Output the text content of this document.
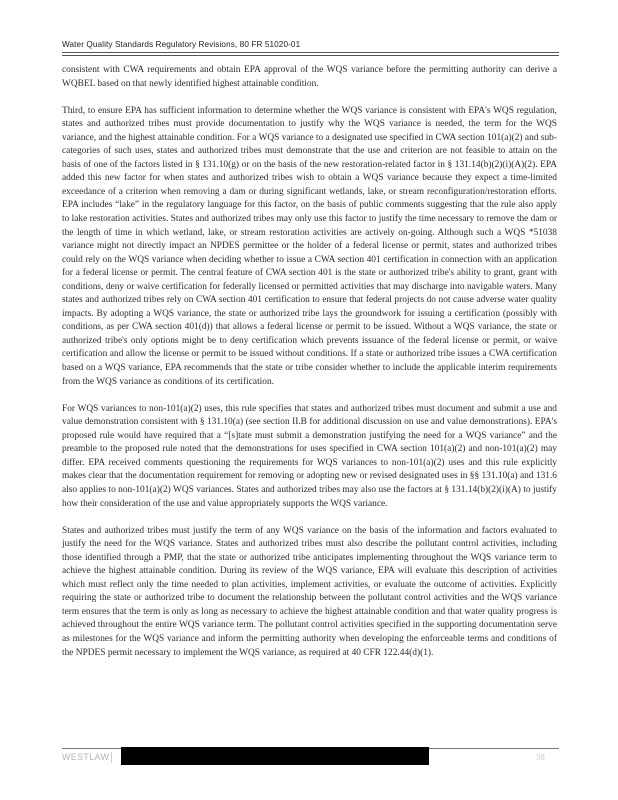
Water Quality Standards Regulatory Revisions, 80 FR 51020-01

consistent with CWA requirements and obtain EPA approval of the WQS variance before the permitting authority can derive a WQBEL based on that newly identified highest attainable condition.

Third, to ensure EPA has sufficient information to determine whether the WQS variance is consistent with EPA's WQS regulation, states and authorized tribes must provide documentation to justify why the WQS variance is needed, the term for the WQS variance, and the highest attainable condition. For a WQS variance to a designated use specified in CWA section 101(a)(2) and sub-categories of such uses, states and authorized tribes must demonstrate that the use and criterion are not feasible to attain on the basis of one of the factors listed in § 131.10(g) or on the basis of the new restoration-related factor in § 131.14(b)(2)(i)(A)(2). EPA added this new factor for when states and authorized tribes wish to obtain a WQS variance because they expect a time-limited exceedance of a criterion when removing a dam or during significant wetlands, lake, or stream reconfiguration/restoration efforts. EPA includes “lake” in the regulatory language for this factor, on the basis of public comments suggesting that the rule also apply to lake restoration activities. States and authorized tribes may only use this factor to justify the time necessary to remove the dam or the length of time in which wetland, lake, or stream restoration activities are actively on-going. Although such a WQS *51038 variance might not directly impact an NPDES permittee or the holder of a federal license or permit, states and authorized tribes could rely on the WQS variance when deciding whether to issue a CWA section 401 certification in connection with an application for a federal license or permit. The central feature of CWA section 401 is the state or authorized tribe's ability to grant, grant with conditions, deny or waive certification for federally licensed or permitted activities that may discharge into navigable waters. Many states and authorized tribes rely on CWA section 401 certification to ensure that federal projects do not cause adverse water quality impacts. By adopting a WQS variance, the state or authorized tribe lays the groundwork for issuing a certification (possibly with conditions, as per CWA section 401(d)) that allows a federal license or permit to be issued. Without a WQS variance, the state or authorized tribe's only options might be to deny certification which prevents issuance of the federal license or permit, or waive certification and allow the license or permit to be issued without conditions. If a state or authorized tribe issues a CWA certification based on a WQS variance, EPA recommends that the state or tribe consider whether to include the applicable interim requirements from the WQS variance as conditions of its certification.

For WQS variances to non-101(a)(2) uses, this rule specifies that states and authorized tribes must document and submit a use and value demonstration consistent with § 131.10(a) (see section II.B for additional discussion on use and value demonstrations). EPA's proposed rule would have required that a “[s]tate must submit a demonstration justifying the need for a WQS variance” and the preamble to the proposed rule noted that the demonstrations for uses specified in CWA section 101(a)(2) and non-101(a)(2) may differ. EPA received comments questioning the requirements for WQS variances to non-101(a)(2) uses and this rule explicitly makes clear that the documentation requirement for removing or adopting new or revised designated uses in §§ 131.10(a) and 131.6 also applies to non-101(a)(2) WQS variances. States and authorized tribes may also use the factors at § 131.14(b)(2)(i)(A) to justify how their consideration of the use and value appropriately supports the WQS variance.

States and authorized tribes must justify the term of any WQS variance on the basis of the information and factors evaluated to justify the need for the WQS variance. States and authorized tribes must also describe the pollutant control activities, including those identified through a PMP, that the state or authorized tribe anticipates implementing throughout the WQS variance term to achieve the highest attainable condition. During its review of the WQS variance, EPA will evaluate this description of activities which must reflect only the time needed to plan activities, implement activities, or evaluate the outcome of activities. Explicitly requiring the state or authorized tribe to document the relationship between the pollutant control activities and the WQS variance term ensures that the term is only as long as necessary to achieve the highest attainable condition and that water quality progress is achieved throughout the entire WQS variance term. The pollutant control activities specified in the supporting documentation serve as milestones for the WQS variance and inform the permitting authority when developing the enforceable terms and conditions of the NPDES permit necessary to implement the WQS variance, as required at 40 CFR 122.44(d)(1).

WESTLAW	38
